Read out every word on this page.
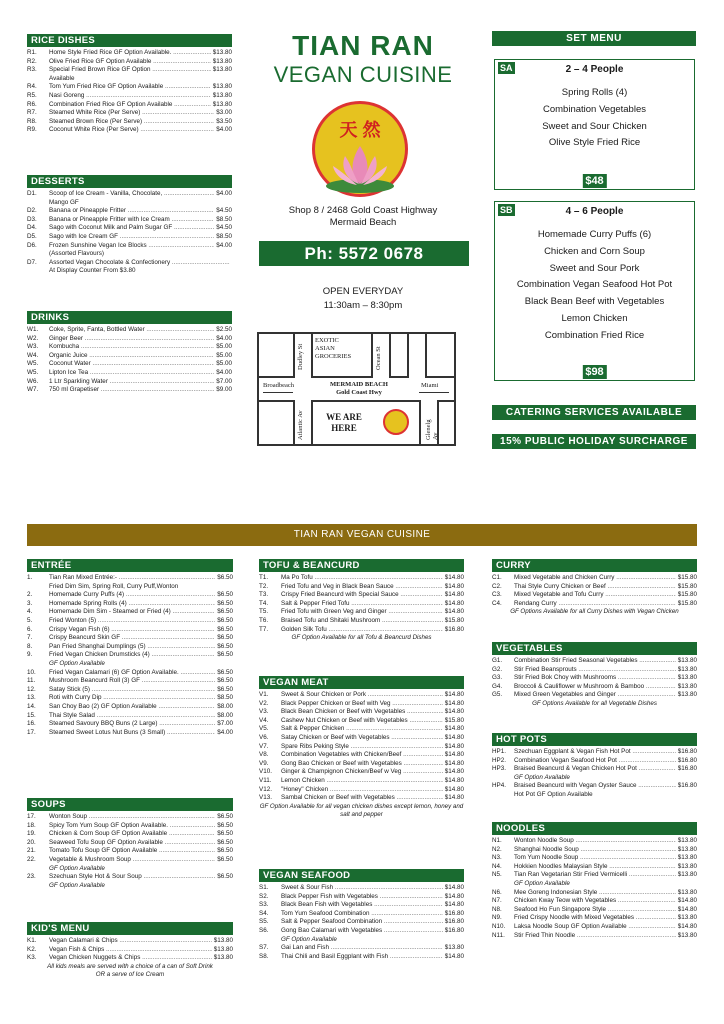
RICE DISHES
R1.	Home Style Fried Rice GF Option Available. .....	$13.80
R2.	Olive Fried Rice GF Option Available .....	$13.80
R3.	Special Fried Brown Rice GF Option .....	$13.80
Available
R4.	Tom Yum Fried Rice GF Option Available .....	$13.80
R5.	Nasi Goreng .....	$13.80
R6.	Combination Fried Rice GF Option Available .....	$13.80
R7.	Steamed White Rice (Per Serve) .....	$3.00
R8.	Steamed Brown Rice (Per Serve) .....	$3.50
R9.	Coconut White Rice (Per Serve) .....	$4.00
DESSERTS
D1.	Scoop of Ice Cream - Vanilla, Chocolate, .....	$4.00
Mango GF
D2.	Banana or Pineapple Fritter .....	$4.50
D3.	Banana or Pineapple Fritter with Ice Cream .....	$8.50
D4.	Sago with Coconut Milk and Palm Sugar GF .....	$4.50
D5.	Sago with Ice Cream GF .....	$8.50
D6.	Frozen Sunshine Vegan Ice Blocks .....	$4.00
(Assorted Flavours)
D7.	Assorted Vegan Chocolate & Confectionery .....
At Display Counter From $3.80
DRINKS
W1.	Coke, Sprite, Fanta, Bottled Water .....	$2.50
W2.	Ginger Beer .....	$4.00
W3.	Kombucha .....	$5.00
W4.	Organic Juice .....	$5.00
W5.	Coconut Water .....	$5.00
W5.	Lipton Ice Tea .....	$4.00
W6.	1 Ltr Sparkling Water .....	$7.00
W7.	750 ml Grapetiser .....	$9.00
TIAN RAN
VEGAN CUISINE
天 然
Shop 8 / 2468 Gold Coast Highway
Mermaid Beach
Ph: 5572 0678
OPEN EVERYDAY
11:30am – 8:30pm
EXOTIC ASIAN GROCERIES
Dudley St	Ocean St
Broadbeach	Miami
MERMAID BEACH
Gold Coast Hwy
WE ARE HERE
Atlantic Av	Glenelg Av
SET MENU
SA	2 – 4 People
Spring Rolls (4)
Combination Vegetables
Sweet and Sour Chicken
Olive Style Fried Rice
$48
SB	4 – 6 People
Homemade Curry Puffs (6)
Chicken and Corn Soup
Sweet and Sour Pork
Combination Vegan Seafood Hot Pot
Black Bean Beef with Vegetables
Lemon Chicken
Combination Fried Rice
$98
CATERING SERVICES AVAILABLE
15% PUBLIC HOLIDAY SURCHARGE
TIAN RAN VEGAN CUISINE
ENTRÉE
1.	Tian Ran Mixed Entrée:- .....	$6.50
Fried Dim Sim, Spring Roll, Curry Puff,Wonton
2.	Homemade Curry Puffs (4) .....	$6.50
3.	Homemade Spring Rolls (4) .....	$6.50
4.	Homemade Dim Sim - Steamed or Fried (4) .....	$6.50
5.	Fried Wonton (5) .....	$6.50
6.	Crispy Vegan Fish (6) .....	$6.50
7.	Crispy Beancurd Skin GF .....	$6.50
8.	Pan Fried Shanghai Dumplings (5) .....	$6.50
9.	Fried Vegan Chicken Drumsticks (4) .....	$6.50
GF Option Available
10.	Fried Vegan Calamari (6) GF Option Available. .....	$6.50
11.	Mushroom Beancurd Roll (3) GF .....	$6.50
12.	Satay Stick (5) .....	$6.50
13.	Roti with Curry Dip .....	$8.50
14.	San Choy Bao (2) GF Option Available .....	$8.00
15.	Thai Style Salad .....	$8.00
16.	Steamed Savoury BBQ Buns (2 Large) .....	$7.00
17.	Steamed Sweet Lotus Nut Buns (3 Small) .....	$4.00
SOUPS
17.	Wonton Soup .....	$6.50
18.	Spicy Tom Yum Soup GF Option Available. .....	$6.50
19.	Chicken & Corn Soup GF Option Available .....	$6.50
20.	Seaweed Tofu Soup GF Option Available .....	$6.50
21.	Tomato Tofu Soup GF Option Available .....	$6.50
22.	Vegetable & Mushroom Soup .....	$6.50
GF Option Available
23.	Szechuan Style Hot & Sour Soup .....	$6.50
GF Option Available
KID'S MENU
K1.	Vegan Calamari & Chips .....	$13.80
K2.	Vegan Fish & Chips .....	$13.80
K3.	Vegan Chicken Nuggets & Chips .....	$13.80
All kids meals are served with a choice of a can of Soft Drink OR a serve of Ice Cream
TOFU & BEANCURD
T1.	Ma Po Tofu .....	$14.80
T2.	Fried Tofu and Veg in Black Bean Sauce .....	$14.80
T3.	Crispy Fried Beancurd with Special Sauce .....	$14.80
T4.	Salt & Pepper Fried Tofu .....	$14.80
T5.	Fried Tofu with Green Veg and Ginger .....	$14.80
T6.	Braised Tofu and Shitaki Mushroom .....	$15.80
T7.	Golden Silk Tofu .....	$16.80
GF Option Available for all Tofu & Beancurd Dishes
VEGAN MEAT
V1.	Sweet & Sour Chicken or Pork .....	$14.80
V2.	Black Pepper Chicken or Beef with Veg .....	$14.80
V3.	Black Bean Chicken or Beef with Vegetables .....	$14.80
V4.	Cashew Nut Chicken or Beef with Vegetables .....	$15.80
V5.	Salt & Pepper Chicken .....	$14.80
V6.	Satay Chicken or Beef with Vegetables .....	$14.80
V7.	Spare Ribs Peking Style .....	$14.80
V8.	Combination Vegetables with Chicken/Beef .....	$14.80
V9.	Gong Bao Chicken or Beef with Vegetables .....	$14.80
V10.	Ginger & Champignon Chicken/Beef w Veg .....	$14.80
V11.	Lemon Chicken .....	$14.80
V12.	"Honey" Chicken .....	$14.80
V13.	Sambal Chicken or Beef with Vegetables .....	$14.80
GF Option Available for all vegan chicken dishes except lemon, honey and salt and pepper
VEGAN SEAFOOD
S1.	Sweet & Sour Fish .....	$14.80
S2.	Black Pepper Fish with Vegetables .....	$14.80
S3.	Black Bean Fish with Vegetables .....	$14.80
S4.	Tom Yum Seafood Combination .....	$16.80
S5.	Salt & Pepper Seafood Combination .....	$16.80
S6.	Gong Bao Calamari with Vegetables .....	$16.80
GF Option Available
S7.	Gai Lan and Fish .....	$13.80
S8.	Thai Chili and Basil Eggplant with Fish .....	$14.80
CURRY
C1.	Mixed Vegetable and Chicken Curry .....	$15.80
C2.	Thai Style Curry Chicken or Beef .....	$15.80
C3.	Mixed Vegetable and Tofu Curry .....	$15.80
C4.	Rendang Curry .....	$15.80
GF Options Available for all Curry Dishes with Vegan Chicken
VEGETABLES
G1.	Combination Stir Fried Seasonal Vegetables .....	$13.80
G2.	Stir Fried Beansprouts .....	$13.80
G3.	Stir Fried Bok Choy with Mushrooms .....	$13.80
G4.	Broccoli & Cauliflower w Mushroom & Bamboo .....	$13.80
G5.	Mixed Green Vegetables and Ginger .....	$13.80
GF Options Available for all Vegetable Dishes
HOT POTS
HP1.	Szechuan Eggplant & Vegan Fish Hot Pot .....	$16.80
HP2.	Combination Vegan Seafood Hot Pot .....	$16.80
HP3.	Braised Beancurd & Vegan Chicken Hot Pot .....	$16.80
GF Option Available
HP4.	Braised Beancurd with Vegan Oyster Sauce .....	$16.80
Hot Pot GF Option Available
NOODLES
N1.	Wonton Noodle Soup .....	$13.80
N2.	Shanghai Noodle Soup .....	$13.80
N3.	Tom Yum Noodle Soup .....	$13.80
N4.	Hokkien Noodles Malaysian Style .....	$13.80
N5.	Tian Ran Vegetarian Stir Fried Vermicelli .....	$13.80
GF Option Available
N6.	Mee Goreng Indonesian Style .....	$13.80
N7.	Chicken Kway Teow with Vegetables .....	$14.80
N8.	Seafood Ho Fun Singapore Style .....	$14.80
N9.	Fried Crispy Noodle with Mixed Vegetables .....	$13.80
N10.	Laksa Noodle Soup GF Option Available .....	$14.80
N11.	Stir Fried Thin Noodle .....	$13.80
